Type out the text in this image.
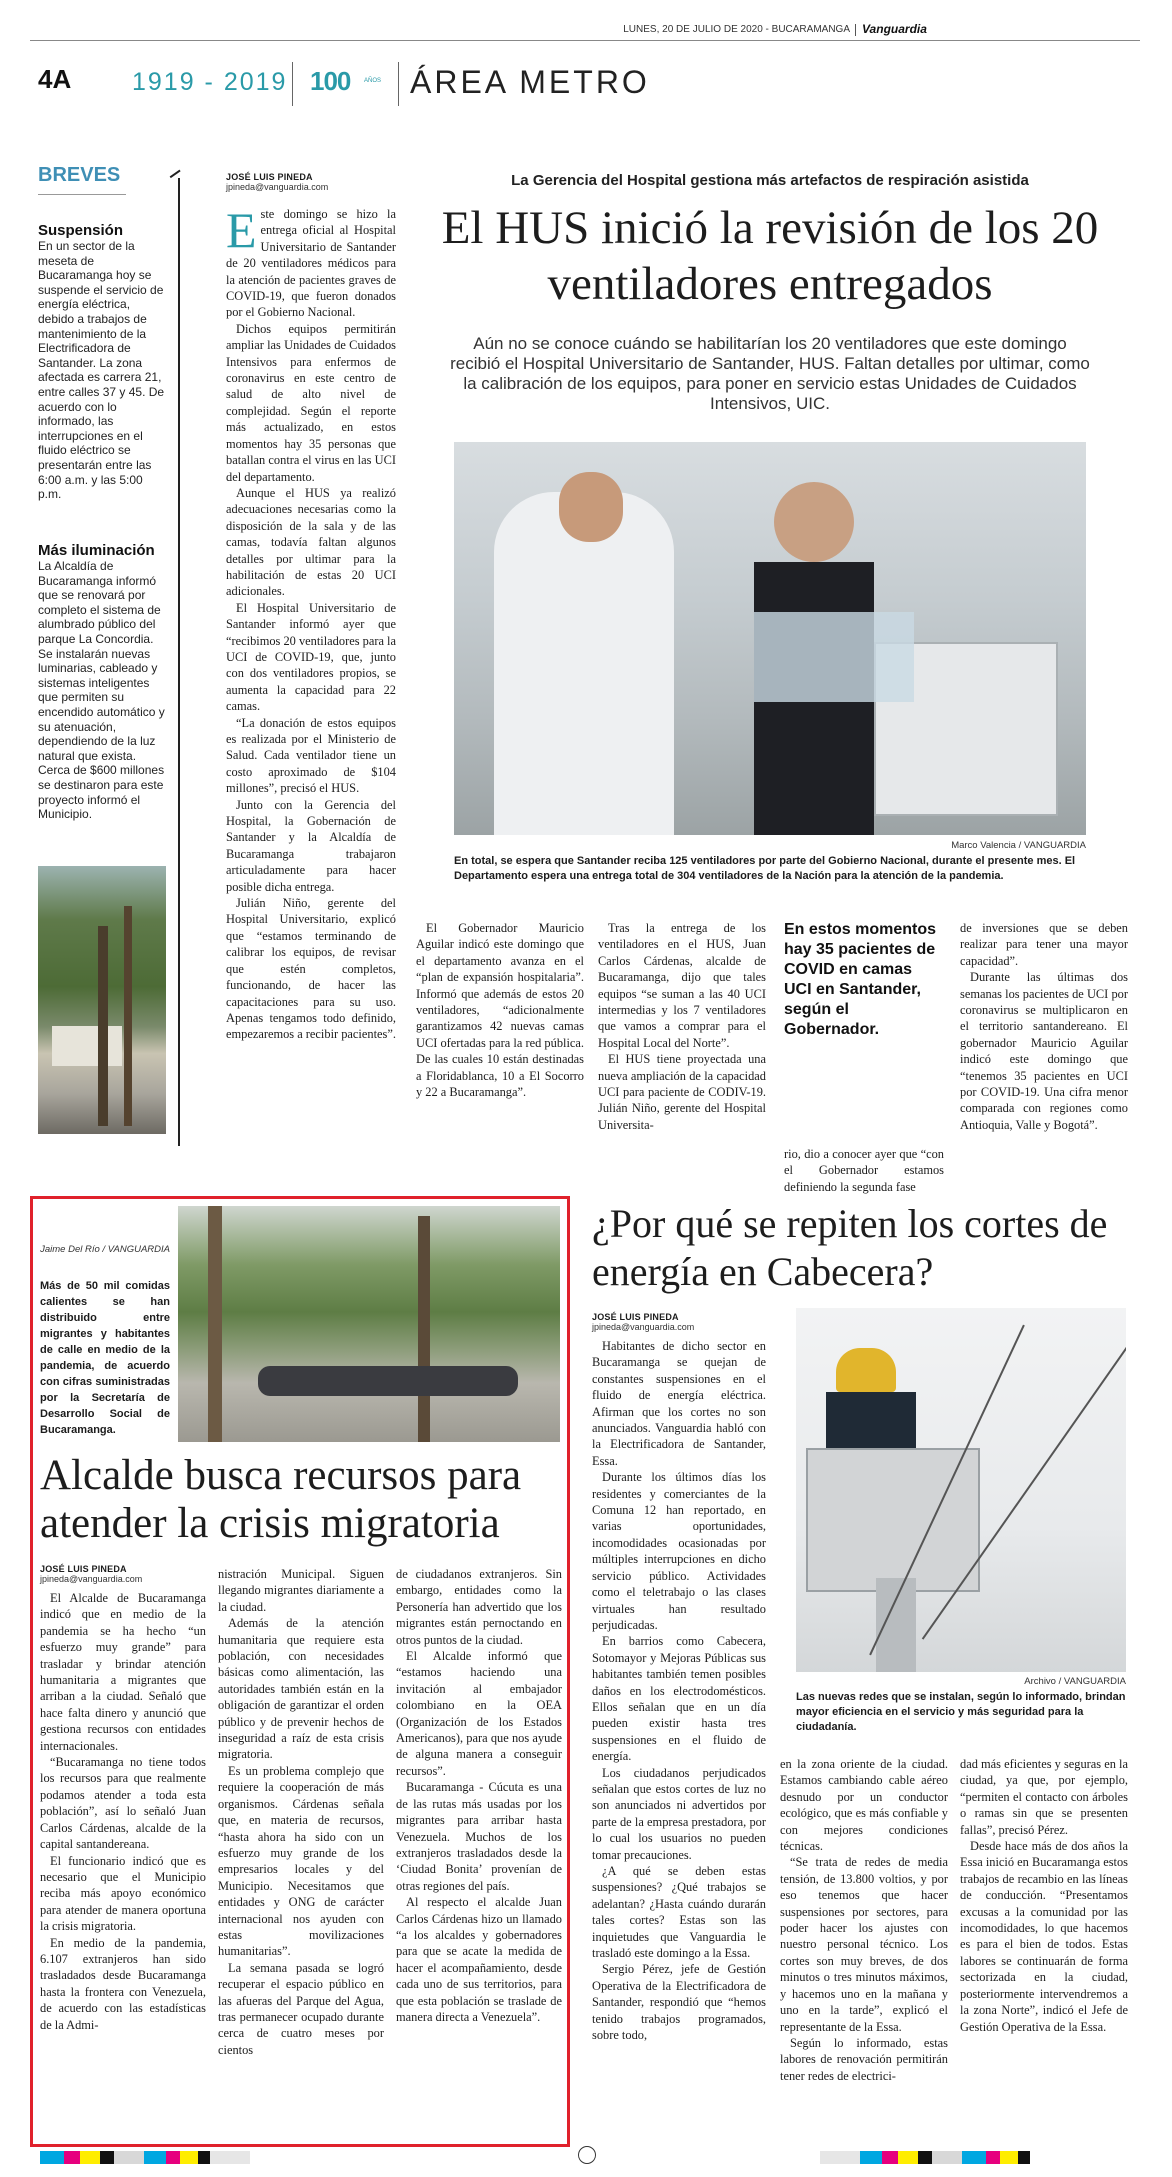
LUNES, 20 DE JULIO DE 2020 - BUCARAMANGA Vanguardia
4A 1919 - 2019 100 AÑOS ÁREA METRO
BREVES
Suspensión
En un sector de la meseta de Bucaramanga hoy se suspende el servicio de energía eléctrica, debido a trabajos de mantenimiento de la Electrificadora de Santander. La zona afectada es carrera 21, entre calles 37 y 45. De acuerdo con lo informado, las interrupciones en el fluido eléctrico se presentarán entre las 6:00 a.m. y las 5:00 p.m.
Más iluminación
La Alcaldía de Bucaramanga informó que se renovará por completo el sistema de alumbrado público del parque La Concordia. Se instalarán nuevas luminarias, cableado y sistemas inteligentes que permiten su encendido automático y su atenuación, dependiendo de la luz natural que exista. Cerca de $600 millones se destinaron para este proyecto informó el Municipio.
JOSÉ LUIS PINEDA
jpineda@vanguardia.com	La Gerencia del Hospital gestiona más artefactos de respiración asistida
El HUS inició la revisión de los 20 ventiladores entregados
Aún no se conoce cuándo se habilitarían los 20 ventiladores que este domingo recibió el Hospital Universitario de Santander, HUS. Faltan detalles por ultimar, como la calibración de los equipos, para poner en servicio estas Unidades de Cuidados Intensivos, UIC.
Marco Valencia / VANGUARDIA
En total, se espera que Santander reciba 125 ventiladores por parte del Gobierno Nacional, durante el presente mes. El Departamento espera una entrega total de 304 ventiladores de la Nación para la atención de la pandemia.
E ste domingo se hizo la entrega oficial al Hospital Universitario de Santander de 20 ventiladores médicos para la atención de pacientes graves de COVID-19, que fueron donados por el Gobierno Nacional.

Dichos equipos permitirán ampliar las Unidades de Cuidados Intensivos para enfermos de coronavirus en este centro de salud de alto nivel de complejidad. Según el reporte más actualizado, en estos momentos hay 35 personas que batallan contra el virus en las UCI del departamento.

Aunque el HUS ya realizó adecuaciones necesarias como la disposición de la sala y de las camas, todavía faltan algunos detalles por ultimar para la habilitación de estas 20 UCI adicionales.

El Hospital Universitario de Santander informó ayer que “recibimos 20 ventiladores para la UCI de COVID-19, que, junto con dos ventiladores propios, se aumenta la capacidad para 22 camas.

“La donación de estos equipos es realizada por el Ministerio de Salud. Cada ventilador tiene un costo aproximado de $104 millones”, precisó el HUS.

Junto con la Gerencia del Hospital, la Gobernación de Santander y la Alcaldía de Bucaramanga trabajaron articuladamente para hacer posible dicha entrega.

Julián Niño, gerente del Hospital Universitario, explicó que “estamos terminando de calibrar los equipos, de revisar que estén completos, funcionando, de hacer las capacitaciones para su uso. Apenas tengamos todo definido, empezaremos a recibir pacientes”.

El Gobernador Mauricio Aguilar indicó este domingo que el departamento avanza en el “plan de expansión hospitalaria”. Informó que además de estos 20 ventiladores, “adicionalmente garantizamos 42 nuevas camas UCI ofertadas para la red pública. De las cuales 10 están destinadas a Floridablanca, 10 a El Socorro y 22 a Bucaramanga”.

Tras la entrega de los ventiladores en el HUS, Juan Carlos Cárdenas, alcalde de Bucaramanga, dijo que tales equipos “se suman a las 40 UCI intermedias y los 7 ventiladores que vamos a comprar para el Hospital Local del Norte”.

El HUS tiene proyectada una nueva ampliación de la capacidad UCI para paciente de CODIV-19. Julián Niño, gerente del Hospital Universita-

En estos momentos hay 35 pacientes de COVID en camas UCI en Santander, según el Gobernador.

rio, dio a conocer ayer que “con el Gobernador estamos definiendo la segunda fase

de inversiones que se deben realizar para tener una mayor capacidad”.

Durante las últimas dos semanas los pacientes de UCI por coronavirus se multiplicaron en el territorio santandereano. El gobernador Mauricio Aguilar indicó este domingo que “tenemos 35 pacientes en UCI por COVID-19. Una cifra menor comparada con regiones como Antioquia, Valle y Bogotá”.

Jaime Del Río / VANGUARDIA
Más de 50 mil comidas calientes se han distribuido entre migrantes y habitantes de calle en medio de la pandemia, de acuerdo con cifras suministradas por la Secretaría de Desarrollo Social de Bucaramanga.
Alcalde busca recursos para atender la crisis migratoria
JOSÉ LUIS PINEDA
jpineda@vanguardia.com

El Alcalde de Bucaramanga indicó que en medio de la pandemia se ha hecho “un esfuerzo muy grande” para trasladar y brindar atención humanitaria a migrantes que arriban a la ciudad. Señaló que hace falta dinero y anunció que gestiona recursos con entidades internacionales.

“Bucaramanga no tiene todos los recursos para que realmente podamos atender a toda esta población”, así lo señaló Juan Carlos Cárdenas, alcalde de la capital santandereana.

El funcionario indicó que es necesario que el Municipio reciba más apoyo económico para atender de manera oportuna la crisis migratoria.

En medio de la pandemia, 6.107 extranjeros han sido trasladados desde Bucaramanga hasta la frontera con Venezuela, de acuerdo con las estadísticas de la Admi-

nistración Municipal. Siguen llegando migrantes diariamente a la ciudad.

Además de la atención humanitaria que requiere esta población, con necesidades básicas como alimentación, las autoridades también están en la obligación de garantizar el orden público y de prevenir hechos de inseguridad a raíz de esta crisis migratoria.

Es un problema complejo que requiere la cooperación de más organismos. Cárdenas señala que, en materia de recursos, “hasta ahora ha sido con un esfuerzo muy grande de los empresarios locales y del Municipio. Necesitamos que entidades y ONG de carácter internacional nos ayuden con estas movilizaciones humanitarias”.

La semana pasada se logró recuperar el espacio público en las afueras del Parque del Agua, tras permanecer ocupado durante cerca de cuatro meses por cientos

de ciudadanos extranjeros. Sin embargo, entidades como la Personería han advertido que los migrantes están pernoctando en otros puntos de la ciudad.

El Alcalde informó que “estamos haciendo una invitación al embajador colombiano en la OEA (Organización de los Estados Americanos), para que nos ayude de alguna manera a conseguir recursos”.

Bucaramanga - Cúcuta es una de las rutas más usadas por los migrantes para arribar hasta Venezuela. Muchos de los extranjeros trasladados desde la ‘Ciudad Bonita’ provenían de otras regiones del país.

Al respecto el alcalde Juan Carlos Cárdenas hizo un llamado “a los alcaldes y gobernadores para que se acate la medida de hacer el acompañamiento, desde cada uno de sus territorios, para que esta población se traslade de manera directa a Venezuela”.

¿Por qué se repiten los cortes de energía en Cabecera?
JOSÉ LUIS PINEDA
jpineda@vanguardia.com
Archivo / VANGUARDIA
Las nuevas redes que se instalan, según lo informado, brindan mayor eficiencia en el servicio y más seguridad para la ciudadanía.

Habitantes de dicho sector en Bucaramanga se quejan de constantes suspensiones en el fluido de energía eléctrica. Afirman que los cortes no son anunciados. Vanguardia habló con la Electrificadora de Santander, Essa.

Durante los últimos días los residentes y comerciantes de la Comuna 12 han reportado, en varias oportunidades, incomodidades ocasionadas por múltiples interrupciones en dicho servicio público. Actividades como el teletrabajo o las clases virtuales han resultado perjudicadas.

En barrios como Cabecera, Sotomayor y Mejoras Públicas sus habitantes también temen posibles daños en los electrodomésticos. Ellos señalan que en un día pueden existir hasta tres suspensiones en el fluido de energía.

Los ciudadanos perjudicados señalan que estos cortes de luz no son anunciados ni advertidos por parte de la empresa prestadora, por lo cual los usuarios no pueden tomar precauciones.

¿A qué se deben estas suspensiones? ¿Qué trabajos se adelantan? ¿Hasta cuándo durarán tales cortes? Estas son las inquietudes que Vanguardia le trasladó este domingo a la Essa.

Sergio Pérez, jefe de Gestión Operativa de la Electrificadora de Santander, respondió que “hemos tenido trabajos programados, sobre todo,

en la zona oriente de la ciudad. Estamos cambiando cable aéreo desnudo por un conductor ecológico, que es más confiable y con mejores condiciones técnicas.

“Se trata de redes de media tensión, de 13.800 voltios, y por eso tenemos que hacer suspensiones por sectores, para poder hacer los ajustes con nuestro personal técnico. Los cortes son muy breves, de dos minutos o tres minutos máximos, y hacemos uno en la mañana y uno en la tarde”, explicó el representante de la Essa.

Según lo informado, estas labores de renovación permitirán tener redes de electrici-

dad más eficientes y seguras en la ciudad, ya que, por ejemplo, “permiten el contacto con árboles o ramas sin que se presenten fallas”, precisó Pérez.

Desde hace más de dos años la Essa inició en Bucaramanga estos trabajos de recambio en las líneas de conducción. “Presentamos excusas a la comunidad por las incomodidades, lo que hacemos es para el bien de todos. Estas labores se continuarán de forma sectorizada en la ciudad, posteriormente intervendremos a la zona Norte”, indicó el Jefe de Gestión Operativa de la Essa.
